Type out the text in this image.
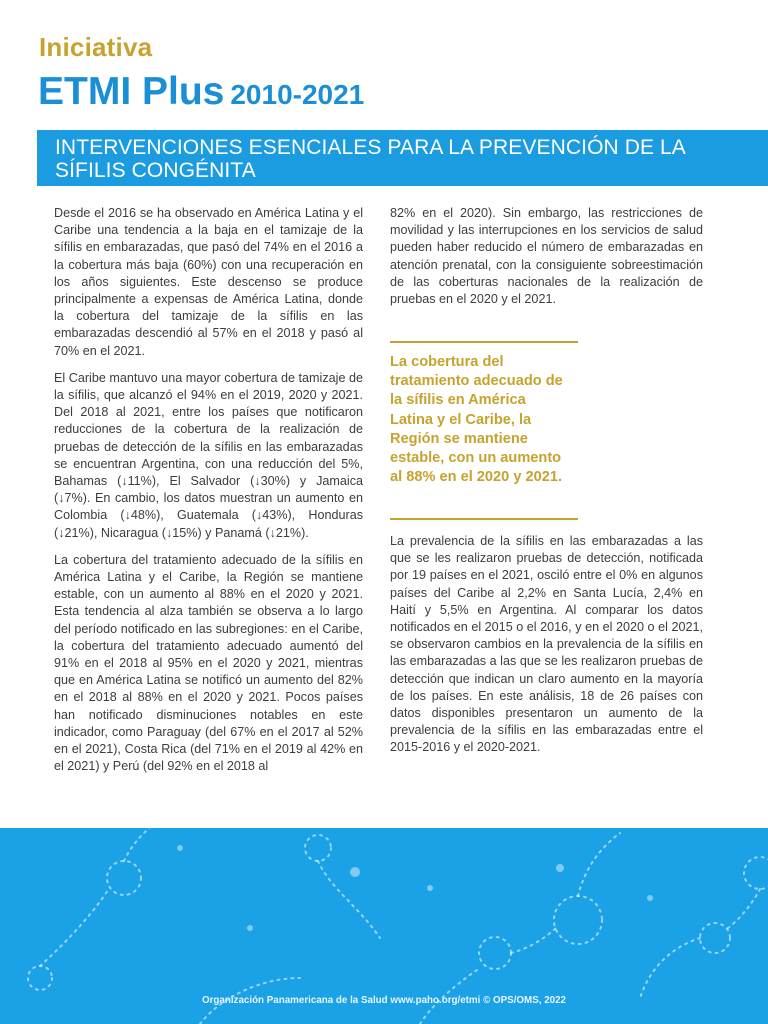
Iniciativa
ETMI Plus 2010-2021
INTERVENCIONES ESENCIALES PARA LA PREVENCIÓN DE LA SÍFILIS CONGÉNITA

Desde el 2016 se ha observado en América Latina y el Caribe una tendencia a la baja en el tamizaje de la sífilis en embarazadas, que pasó del 74% en el 2016 a la cobertura más baja (60%) con una recuperación en los años siguientes. Este descenso se produce principalmente a expensas de América Latina, donde la cobertura del tamizaje de la sífilis en las embarazadas descendió al 57% en el 2018 y pasó al 70% en el 2021.

El Caribe mantuvo una mayor cobertura de tamizaje de la sífilis, que alcanzó el 94% en el 2019, 2020 y 2021. Del 2018 al 2021, entre los países que notificaron reducciones de la cobertura de la realización de pruebas de detección de la sífilis en las embarazadas se encuentran Argentina, con una reducción del 5%, Bahamas (↓11%), El Salvador (↓30%) y Jamaica (↓7%). En cambio, los datos muestran un aumento en Colombia (↓48%), Guatemala (↓43%), Honduras (↓21%), Nicaragua (↓15%) y Panamá (↓21%).

La cobertura del tratamiento adecuado de la sífilis en América Latina y el Caribe, la Región se mantiene estable, con un aumento al 88% en el 2020 y 2021. Esta tendencia al alza también se observa a lo largo del período notificado en las subregiones: en el Caribe, la cobertura del tratamiento adecuado aumentó del 91% en el 2018 al 95% en el 2020 y 2021, mientras que en América Latina se notificó un aumento del 82% en el 2018 al 88% en el 2020 y 2021. Pocos países han notificado disminuciones notables en este indicador, como Paraguay (del 67% en el 2017 al 52% en el 2021), Costa Rica (del 71% en el 2019 al 42% en el 2021) y Perú (del 92% en el 2018 al

82% en el 2020). Sin embargo, las restricciones de movilidad y las interrupciones en los servicios de salud pueden haber reducido el número de embarazadas en atención prenatal, con la consiguiente sobreestimación de las coberturas nacionales de la realización de pruebas en el 2020 y el 2021.

La cobertura del tratamiento adecuado de la sífilis en América Latina y el Caribe, la Región se mantiene estable, con un aumento al 88% en el 2020 y 2021.

La prevalencia de la sífilis en las embarazadas a las que se les realizaron pruebas de detección, notificada por 19 países en el 2021, osciló entre el 0% en algunos países del Caribe al 2,2% en Santa Lucía, 2,4% en Haití y 5,5% en Argentina. Al comparar los datos notificados en el 2015 o el 2016, y en el 2020 o el 2021, se observaron cambios en la prevalencia de la sífilis en las embarazadas a las que se les realizaron pruebas de detección que indican un claro aumento en la mayoría de los países. En este análisis, 18 de 26 países con datos disponibles presentaron un aumento de la prevalencia de la sífilis en las embarazadas entre el 2015-2016 y el 2020-2021.

Organización Panamericana de la Salud www.paho.org/etmi © OPS/OMS, 2022
